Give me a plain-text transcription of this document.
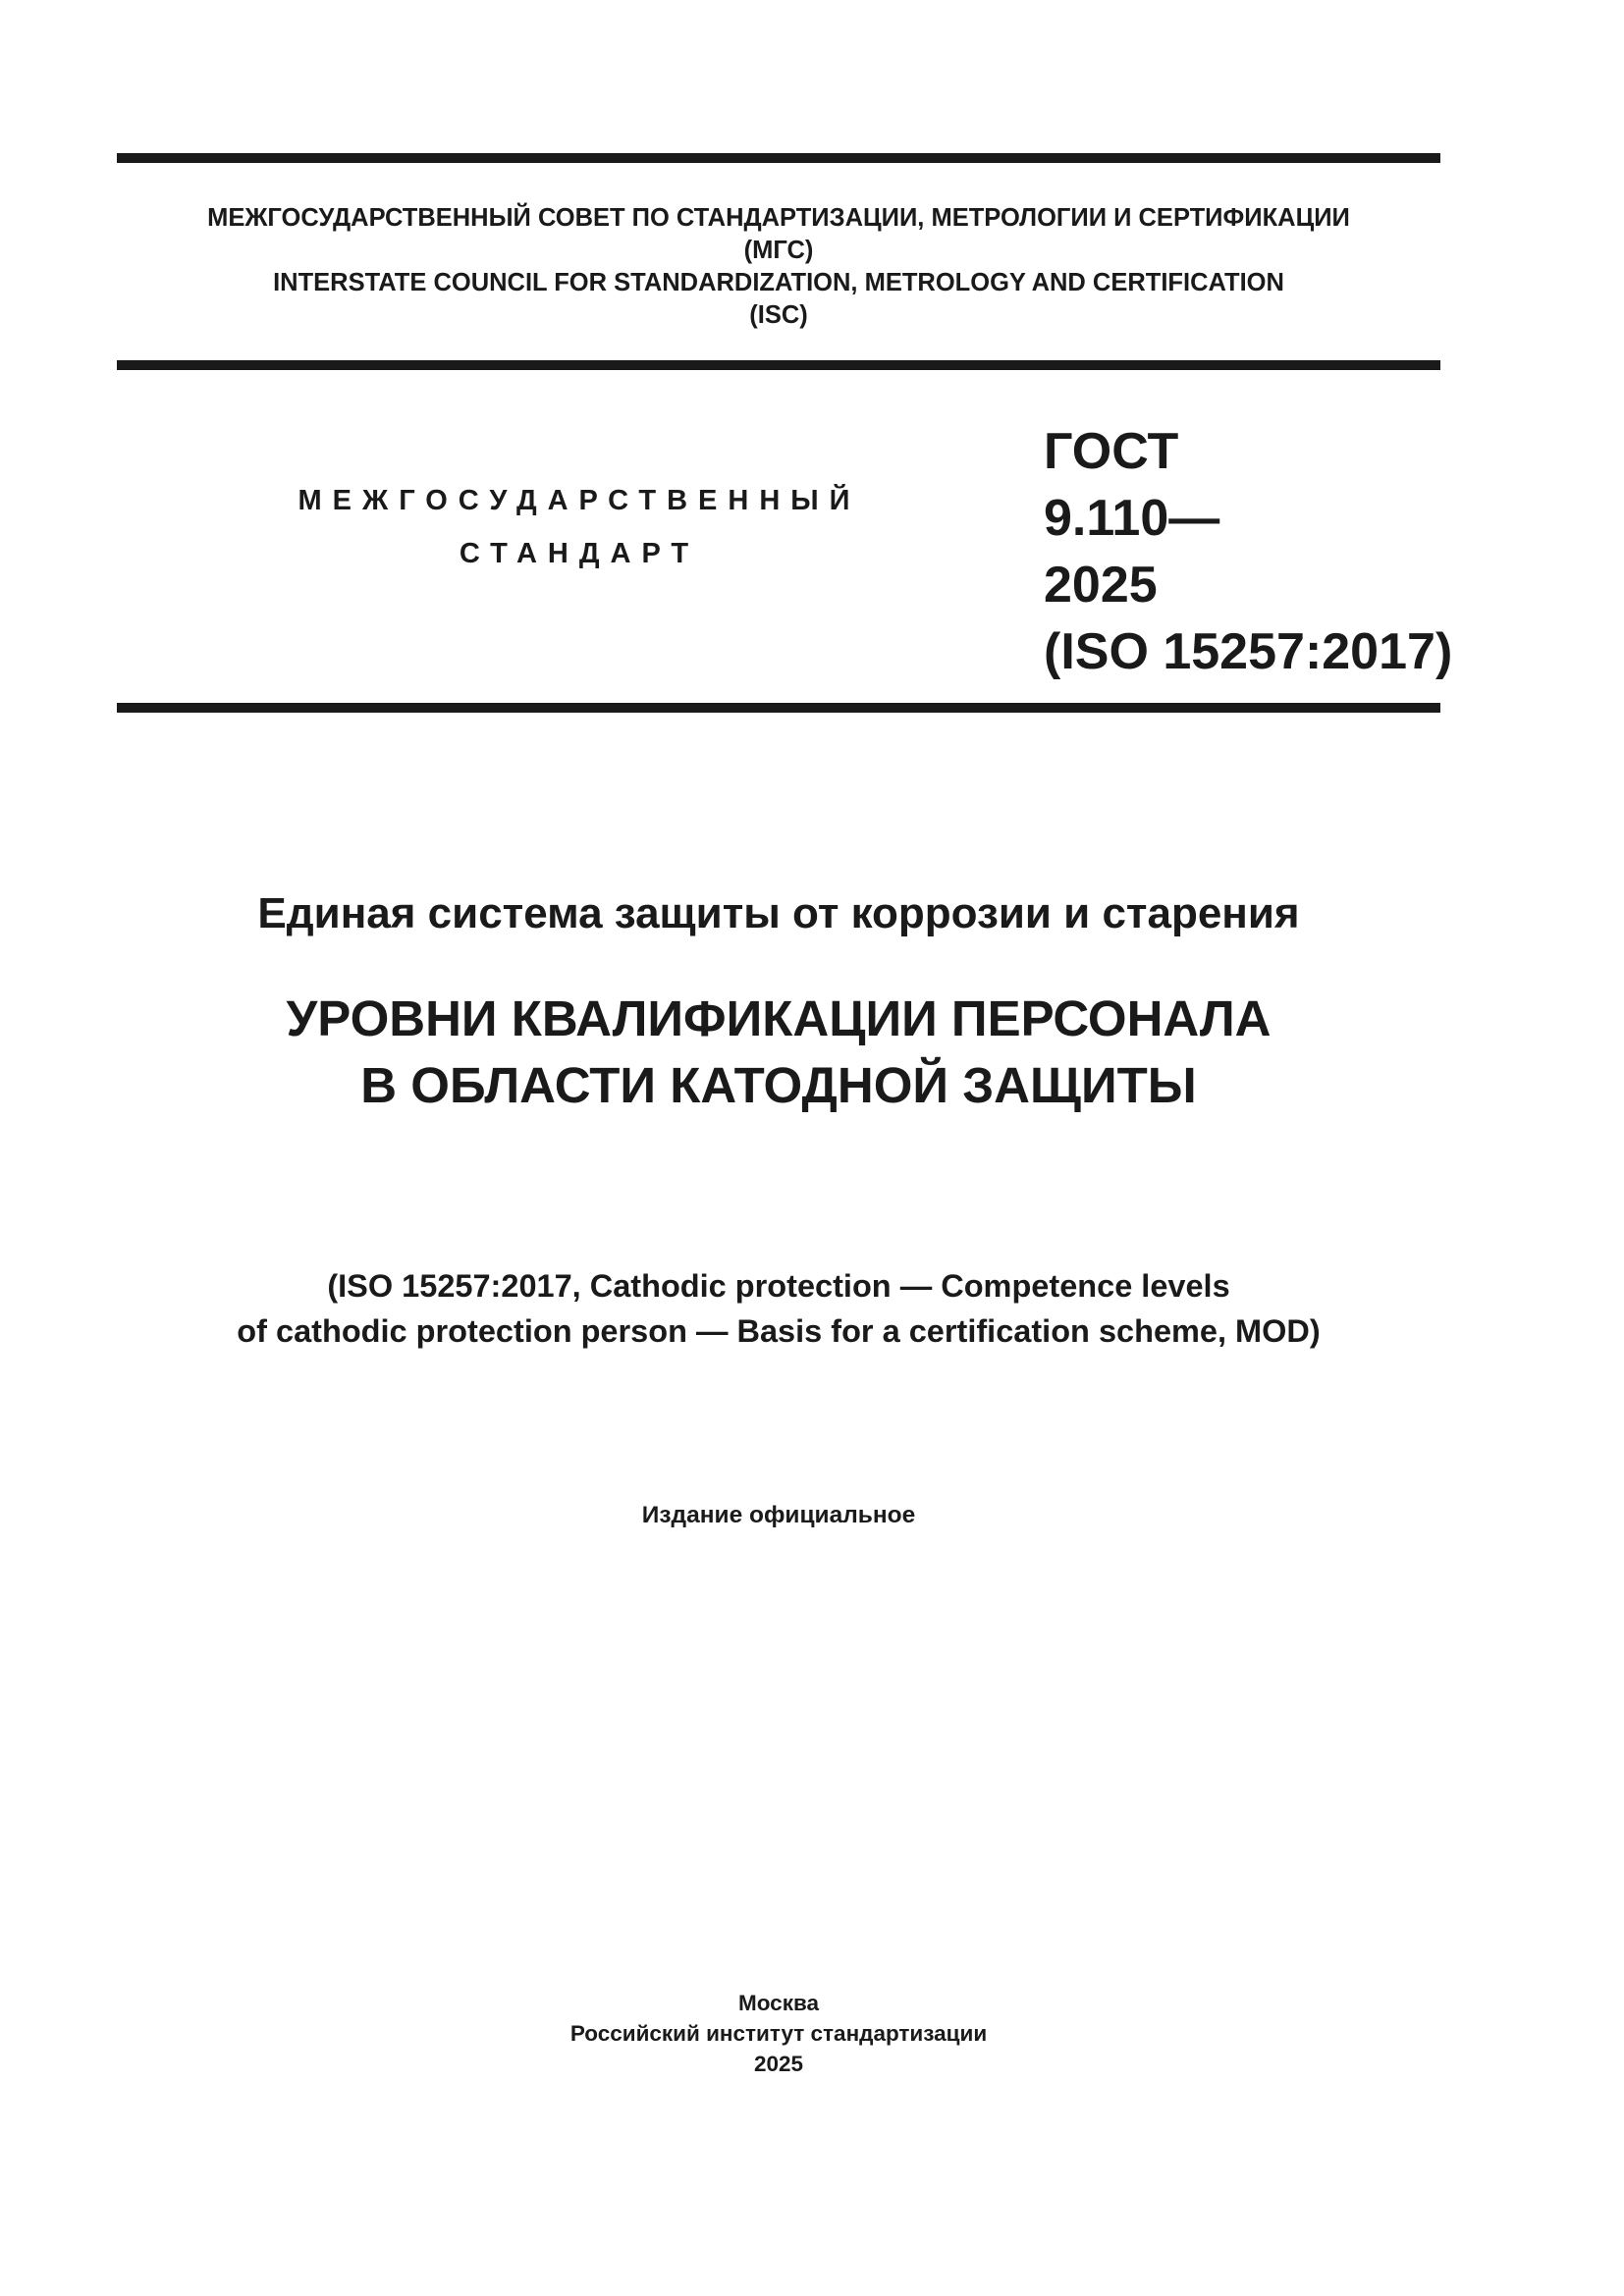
МЕЖГОСУДАРСТВЕННЫЙ СОВЕТ ПО СТАНДАРТИЗАЦИИ, МЕТРОЛОГИИ И СЕРТИФИКАЦИИ
(МГС)
INTERSTATE COUNCIL FOR STANDARDIZATION, METROLOGY AND CERTIFICATION
(ISC)
МЕЖГОСУДАРСТВЕННЫЙ
СТАНДАРТ
ГОСТ
9.110—
2025
(ISO 15257:2017)
Единая система защиты от коррозии и старения
УРОВНИ КВАЛИФИКАЦИИ ПЕРСОНАЛА
В ОБЛАСТИ КАТОДНОЙ ЗАЩИТЫ
(ISO 15257:2017, Cathodic protection — Competence levels
of cathodic protection person — Basis for a certification scheme, MOD)
Издание официальное
Москва
Российский институт стандартизации
2025
